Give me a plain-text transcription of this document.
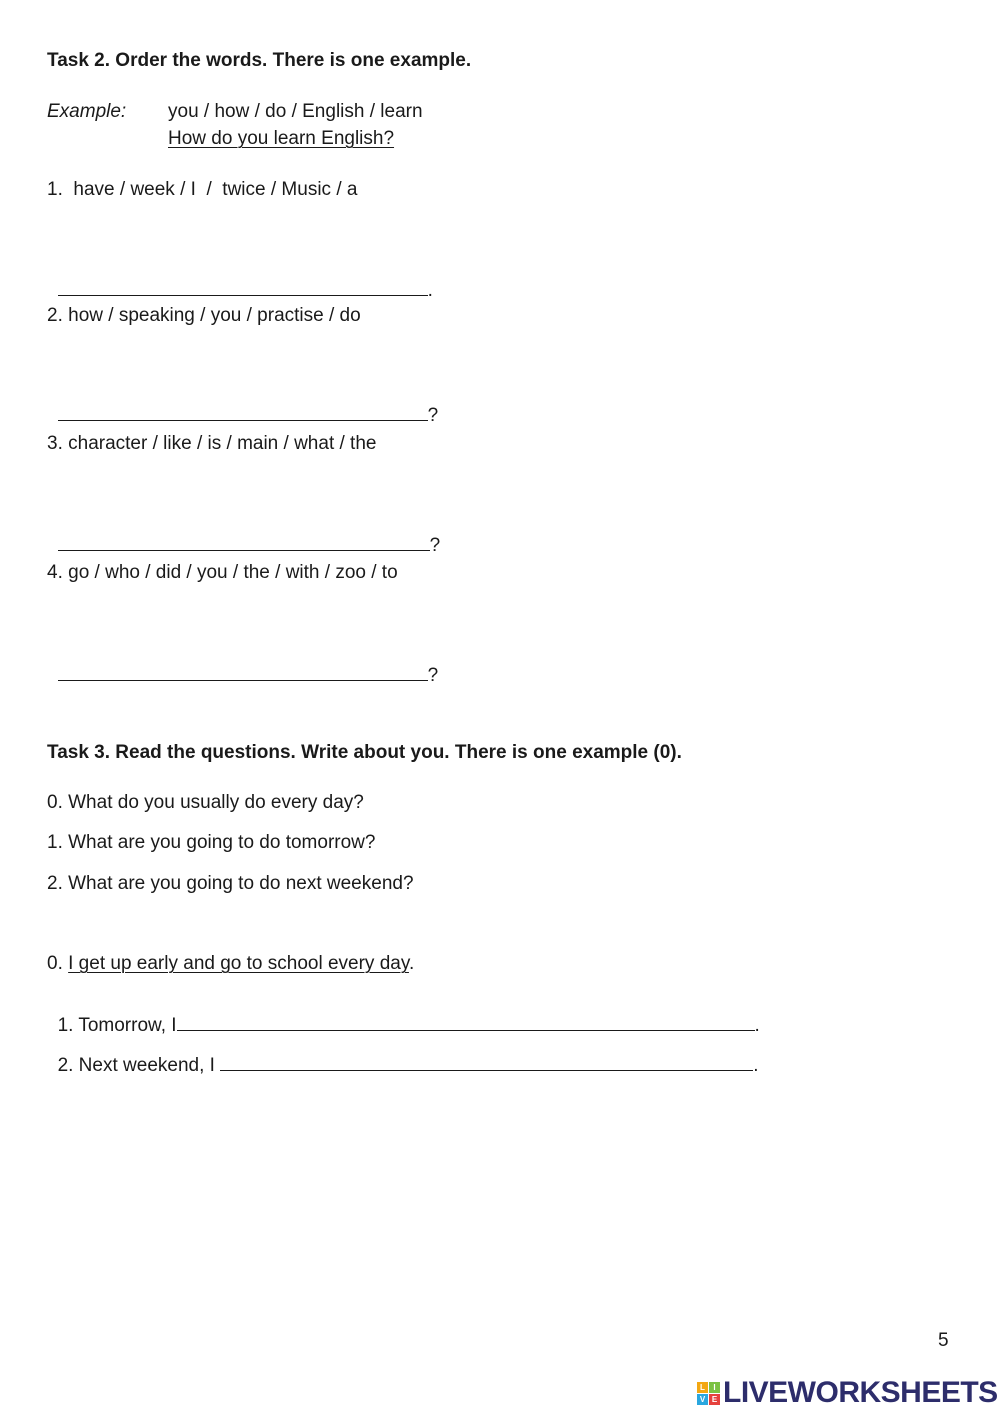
Task 2. Order the words. There is one example.
Example: you / how / do / English / learn
How do you learn English?
1.  have / week / I  /  twice / Music / a

.

2. how / speaking / you / practise / do

?

3. character / like / is / main / what / the

?

4. go / who / did / you / the / with / zoo / to

?

Task 3. Read the questions. Write about you. There is one example (0).
0. What do you usually do every day?
1. What are you going to do tomorrow?
2. What are you going to do next weekend?
0. I get up early and go to school every day.

1. Tomorrow, I	.

2. Next weekend, I	.

5
L	I
V E LIVEWORKSHEETS
